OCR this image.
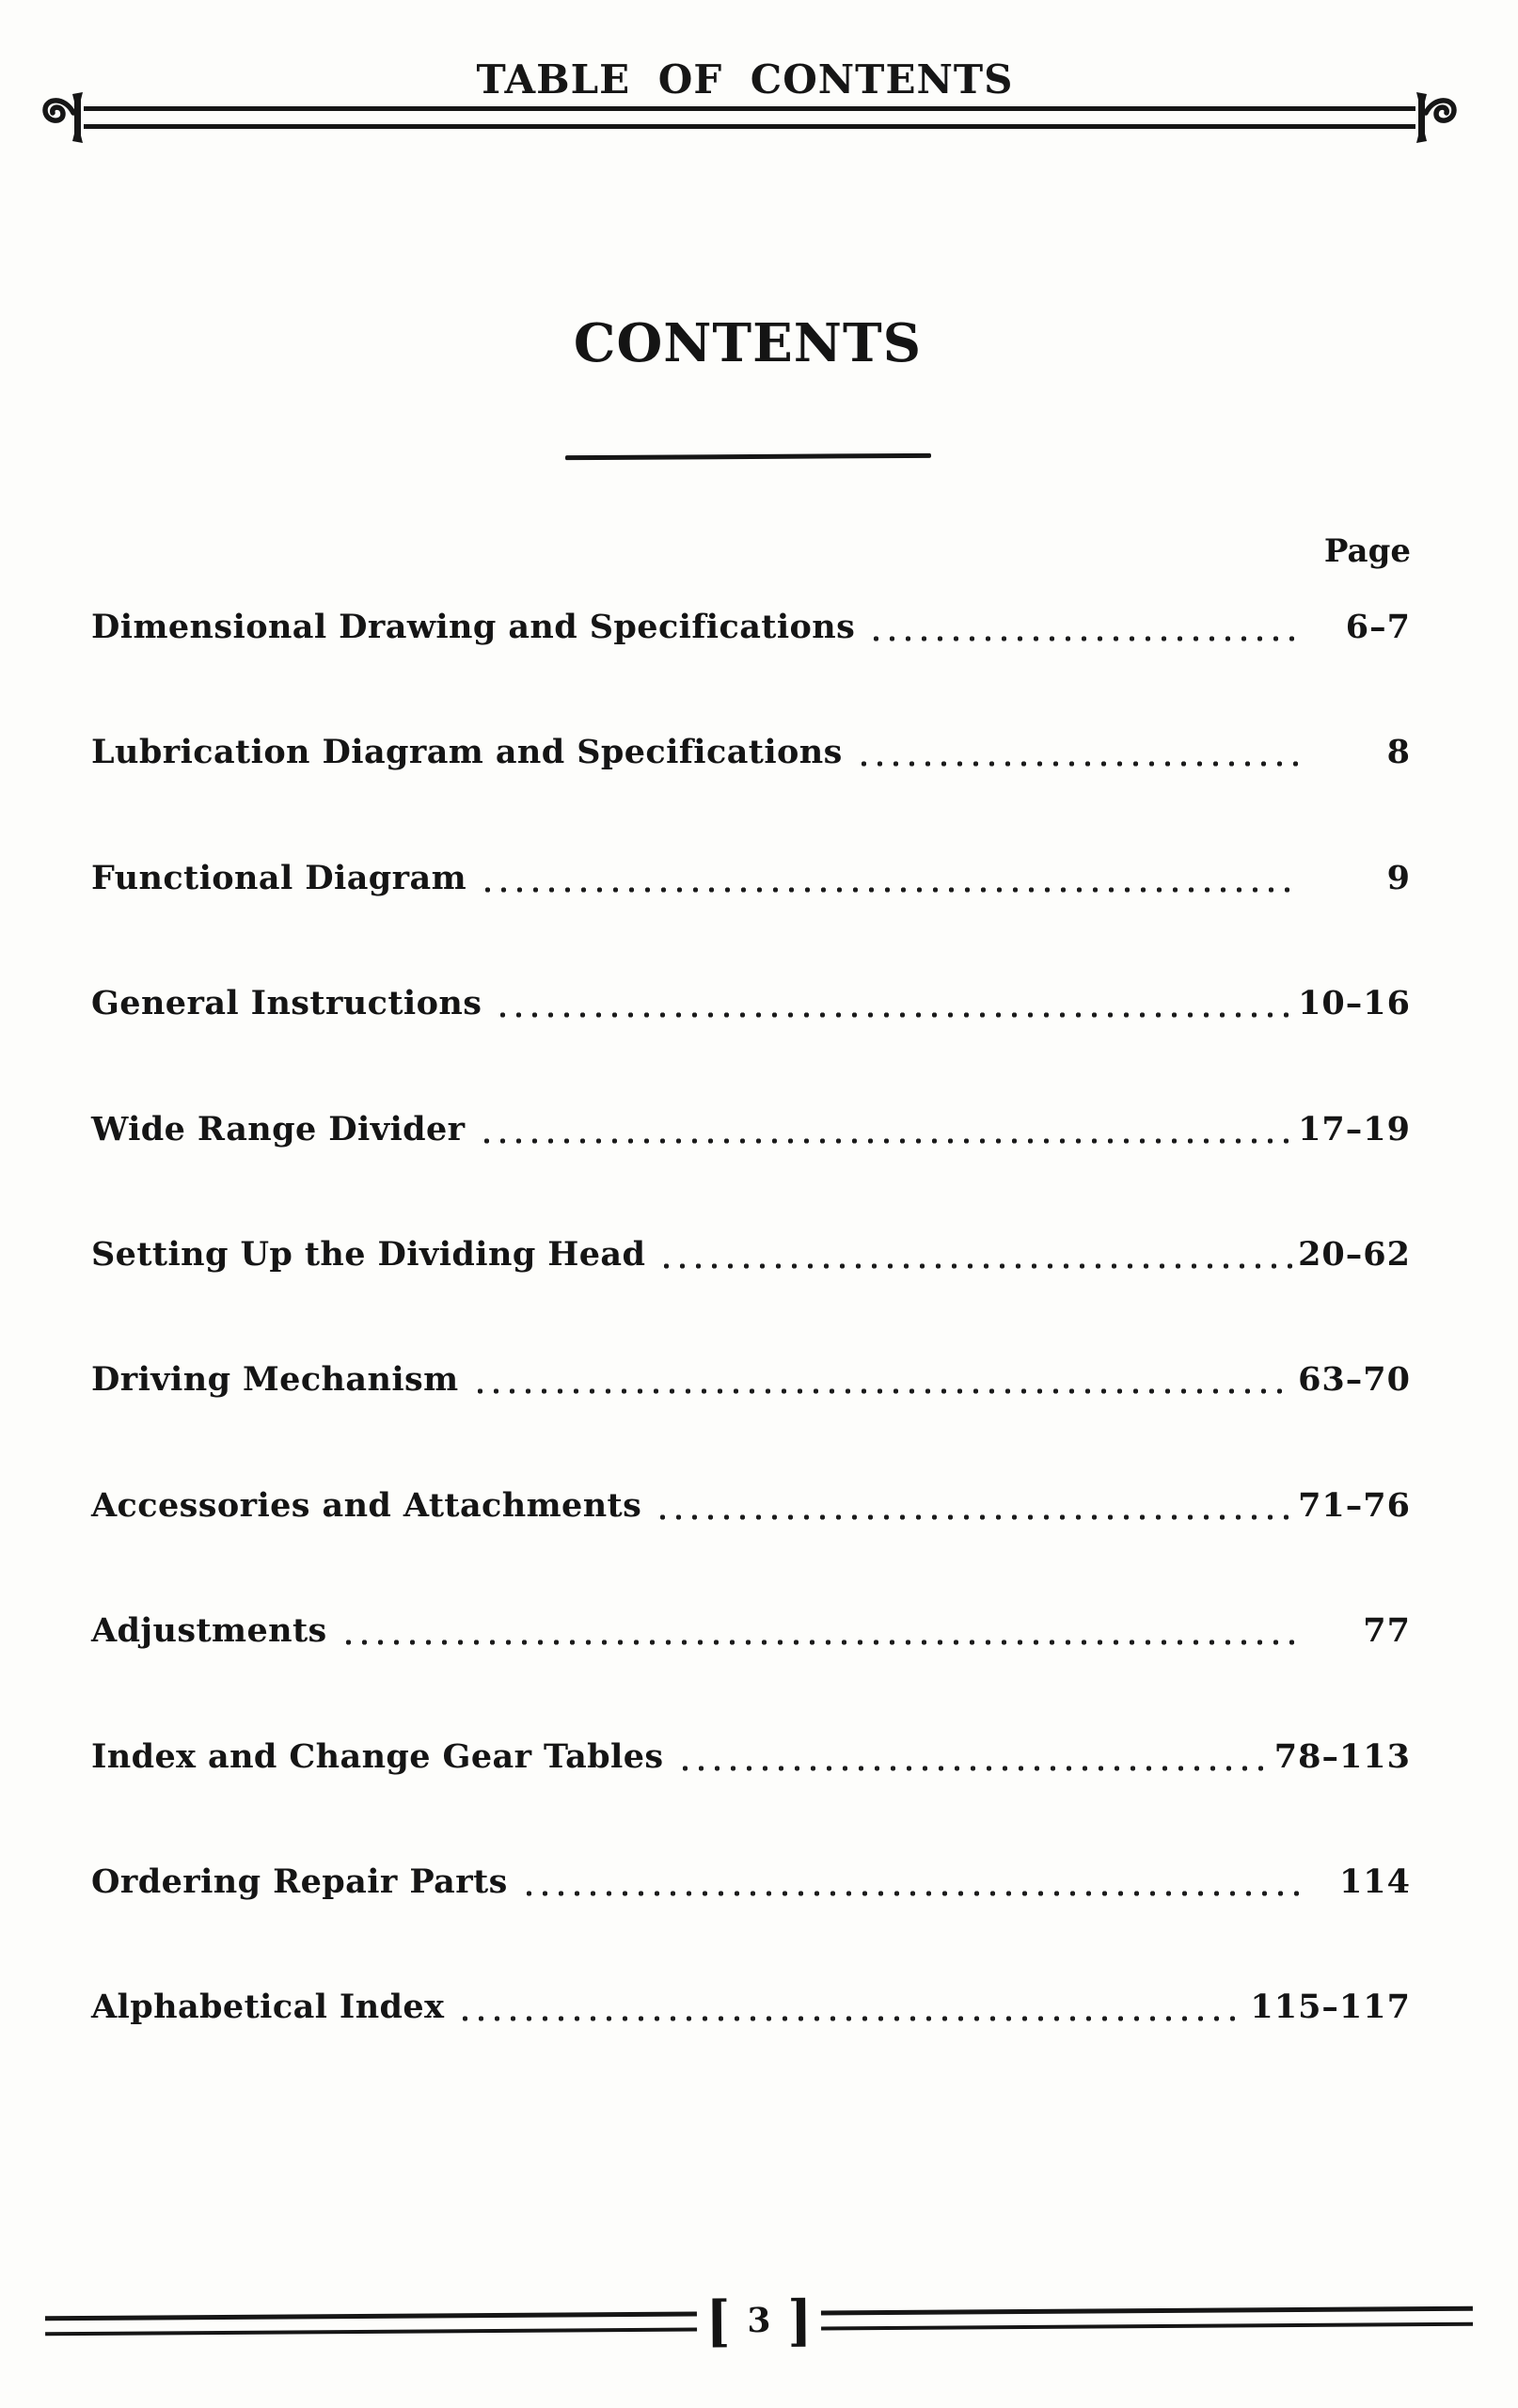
TABLE OF CONTENTS
CONTENTS
Page
Dimensional Drawing and Specifications	6–7
Lubrication Diagram and Specifications	8
Functional Diagram	9
General Instructions	10–16
Wide Range Divider	17–19
Setting Up the Dividing Head	20–62
Driving Mechanism	63–70
Accessories and Attachments	71–76
Adjustments	77
Index and Change Gear Tables	78–113
Ordering Repair Parts	114
Alphabetical Index	115–117
[ 3 ]
